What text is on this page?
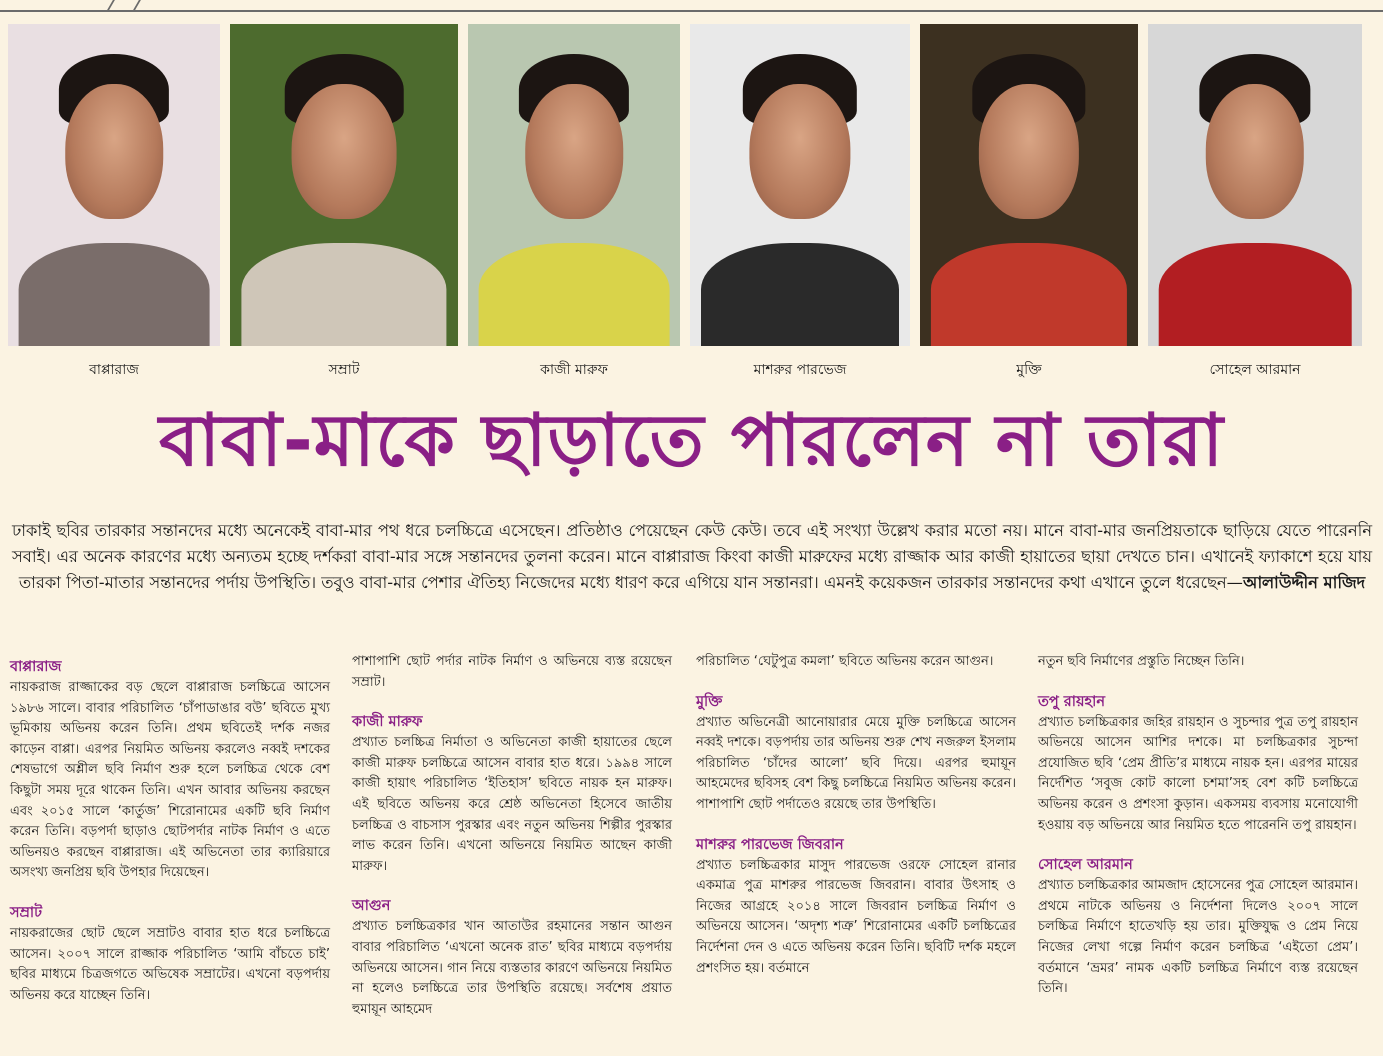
বাপ্পারাজ	সম্রাট	কাজী মারুফ	মাশরুর পারভেজ	মুক্তি	সোহেল আরমান
বাবা-মাকে ছাড়াতে পারলেন না তারা
ঢাকাই ছবির তারকার সন্তানদের মধ্যে অনেকেই বাবা-মার পথ ধরে চলচ্চিত্রে এসেছেন। প্রতিষ্ঠাও পেয়েছেন কেউ কেউ। তবে এই সংখ্যা উল্লেখ করার মতো নয়। মানে বাবা-মার জনপ্রিয়তাকে ছাড়িয়ে যেতে পারেননি সবাই। এর অনেক কারণের মধ্যে অন্যতম হচ্ছে দর্শকরা বাবা-মার সঙ্গে সন্তানদের তুলনা করেন। মানে বাপ্পারাজ কিংবা কাজী মারুফের মধ্যে রাজ্জাক আর কাজী হায়াতের ছায়া দেখতে চান। এখানেই ফ্যাকাশে হয়ে যায় তারকা পিতা-মাতার সন্তানদের পর্দায় উপস্থিতি। তবুও বাবা-মার পেশার ঐতিহ্য নিজেদের মধ্যে ধারণ করে এগিয়ে যান সন্তানরা। এমনই কয়েকজন তারকার সন্তানদের কথা এখানে তুলে ধরেছেন—আলাউদ্দীন মাজিদ
বাপ্পারাজ

নায়করাজ রাজ্জাকের বড় ছেলে বাপ্পারাজ চলচ্চিত্রে আসেন ১৯৮৬ সালে। বাবার পরিচালিত ‘চাঁপাডাঙার বউ’ ছবিতে মুখ্য ভূমিকায় অভিনয় করেন তিনি। প্রথম ছবিতেই দর্শক নজর কাড়েন বাপ্পা। এরপর নিয়মিত অভিনয় করলেও নব্বই দশকের শেষভাগে অশ্লীল ছবি নির্মাণ শুরু হলে চলচ্চিত্র থেকে বেশ কিছুটা সময় দূরে থাকেন তিনি। এখন আবার অভিনয় করছেন এবং ২০১৫ সালে ‘কার্তুজ’ শিরোনামের একটি ছবি নির্মাণ করেন তিনি। বড়পর্দা ছাড়াও ছোটপর্দার নাটক নির্মাণ ও এতে অভিনয়ও করছেন বাপ্পারাজ। এই অভিনেতা তার ক্যারিয়ারে অসংখ্য জনপ্রিয় ছবি উপহার দিয়েছেন।

সম্রাট

নায়করাজের ছোট ছেলে সম্রাটও বাবার হাত ধরে চলচ্চিত্রে আসেন। ২০০৭ সালে রাজ্জাক পরিচালিত ‘আমি বাঁচতে চাই’ ছবির মাধ্যমে চিত্রজগতে অভিষেক সম্রাটের। এখনো বড়পর্দায় অভিনয় করে যাচ্ছেন তিনি।

পাশাপাশি ছোট পর্দার নাটক নির্মাণ ও অভিনয়ে ব্যস্ত রয়েছেন সম্রাট।

কাজী মারুফ

প্রখ্যাত চলচ্চিত্র নির্মাতা ও অভিনেতা কাজী হায়াতের ছেলে কাজী মারুফ চলচ্চিত্রে আসেন বাবার হাত ধরে। ১৯৯৪ সালে কাজী হায়াৎ পরিচালিত ‘ইতিহাস’ ছবিতে নায়ক হন মারুফ। এই ছবিতে অভিনয় করে শ্রেষ্ঠ অভিনেতা হিসেবে জাতীয় চলচ্চিত্র ও বাচসাস পুরস্কার এবং নতুন অভিনয় শিল্পীর পুরস্কার লাভ করেন তিনি। এখনো অভিনয়ে নিয়মিত আছেন কাজী মারুফ।

আগুন

প্রখ্যাত চলচ্চিত্রকার খান আতাউর রহমানের সন্তান আগুন বাবার পরিচালিত ‘এখনো অনেক রাত’ ছবির মাধ্যমে বড়পর্দায় অভিনয়ে আসেন। গান নিয়ে ব্যস্ততার কারণে অভিনয়ে নিয়মিত না হলেও চলচ্চিত্রে তার উপস্থিতি রয়েছে। সর্বশেষ প্রয়াত হুমায়ূন আহমেদ

পরিচালিত ‘ঘেটুপুত্র কমলা’ ছবিতে অভিনয় করেন আগুন।

মুক্তি

প্রখ্যাত অভিনেত্রী আনোয়ারার মেয়ে মুক্তি চলচ্চিত্রে আসেন নব্বই দশকে। বড়পর্দায় তার অভিনয় শুরু শেখ নজরুল ইসলাম পরিচালিত ‘চাঁদের আলো’ ছবি দিয়ে। এরপর হুমায়ূন আহমেদের ছবিসহ বেশ কিছু চলচ্চিত্রে নিয়মিত অভিনয় করেন। পাশাপাশি ছোট পর্দাতেও রয়েছে তার উপস্থিতি।

মাশরুর পারভেজ জিবরান

প্রখ্যাত চলচ্চিত্রকার মাসুদ পারভেজ ওরফে সোহেল রানার একমাত্র পুত্র মাশরুর পারভেজ জিবরান। বাবার উৎসাহ ও নিজের আগ্রহে ২০১৪ সালে জিবরান চলচ্চিত্র নির্মাণ ও অভিনয়ে আসেন। ‘অদৃশ্য শত্রু’ শিরোনামের একটি চলচ্চিত্রের নির্দেশনা দেন ও এতে অভিনয় করেন তিনি। ছবিটি দর্শক মহলে প্রশংসিত হয়। বর্তমানে

নতুন ছবি নির্মাণের প্রস্তুতি নিচ্ছেন তিনি।

তপু রায়হান

প্রখ্যাত চলচ্চিত্রকার জহির রায়হান ও সুচন্দার পুত্র তপু রায়হান অভিনয়ে আসেন আশির দশকে। মা চলচ্চিত্রকার সুচন্দা প্রযোজিত ছবি ‘প্রেম প্রীতি’র মাধ্যমে নায়ক হন। এরপর মায়ের নির্দেশিত ‘সবুজ কোট কালো চশমা’সহ বেশ কটি চলচ্চিত্রে অভিনয় করেন ও প্রশংসা কুড়ান। একসময় ব্যবসায় মনোযোগী হওয়ায় বড় অভিনয়ে আর নিয়মিত হতে পারেননি তপু রায়হান।

সোহেল আরমান

প্রখ্যাত চলচ্চিত্রকার আমজাদ হোসেনের পুত্র সোহেল আরমান। প্রথমে নাটকে অভিনয় ও নির্দেশনা দিলেও ২০০৭ সালে চলচ্চিত্র নির্মাণে হাতেখড়ি হয় তার। মুক্তিযুদ্ধ ও প্রেম নিয়ে নিজের লেখা গল্পে নির্মাণ করেন চলচ্চিত্র ‘এইতো প্রেম’। বর্তমানে ‘ভ্রমর’ নামক একটি চলচ্চিত্র নির্মাণে ব্যস্ত রয়েছেন তিনি।
